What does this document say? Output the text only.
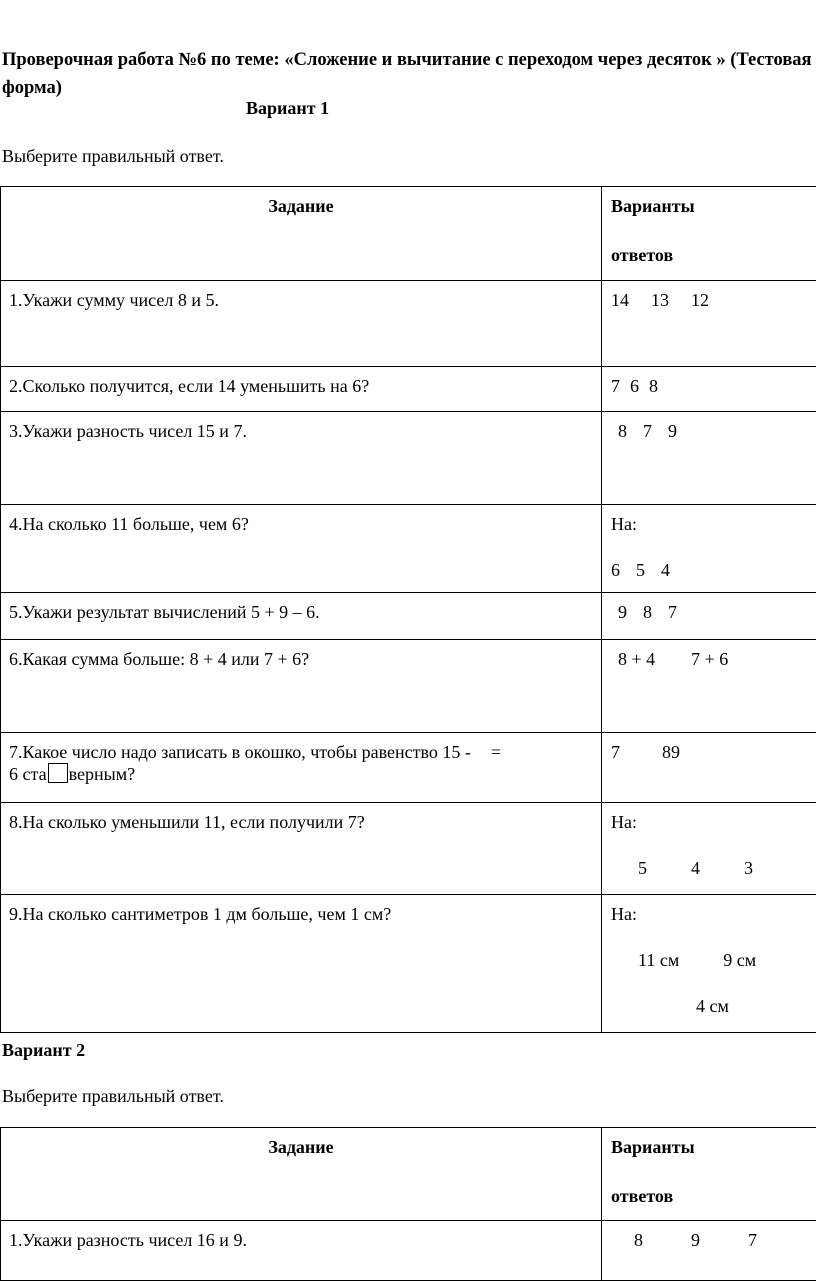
Проверочная работа №6 по теме: «Сложение и вычитание с переходом через десяток » (Тестовая форма)
Вариант 1
Выберите правильный ответ.
Задание	Варианты
ответов

1.Укажи сумму чисел 8 и 5.	14 13 12
2.Сколько получится, если 14 уменьшить на 6?	7 6 8
3.Укажи разность чисел 15 и 7.	8 7 9
4.На сколько 11 больше, чем 6?	На:
6 5 4

5.Укажи результат вычислений 5 + 9 – 6.	9 8 7
6.Какая сумма больше: 8 + 4 или 7 + 6?	8 + 4 7 + 6
7.Какое число надо записать в окошко, чтобы равенство 15 - =
6 ста верным?	7 89
8.На сколько уменьшили 11, если получили 7?	На:
5 4 3

9.На сколько сантиметров 1 дм больше, чем 1 см?	На:
11 см 9 см
4 см
Вариант 2
Выберите правильный ответ.
Задание	Варианты
ответов

1.Укажи разность чисел 16 и 9.	8 9 7
